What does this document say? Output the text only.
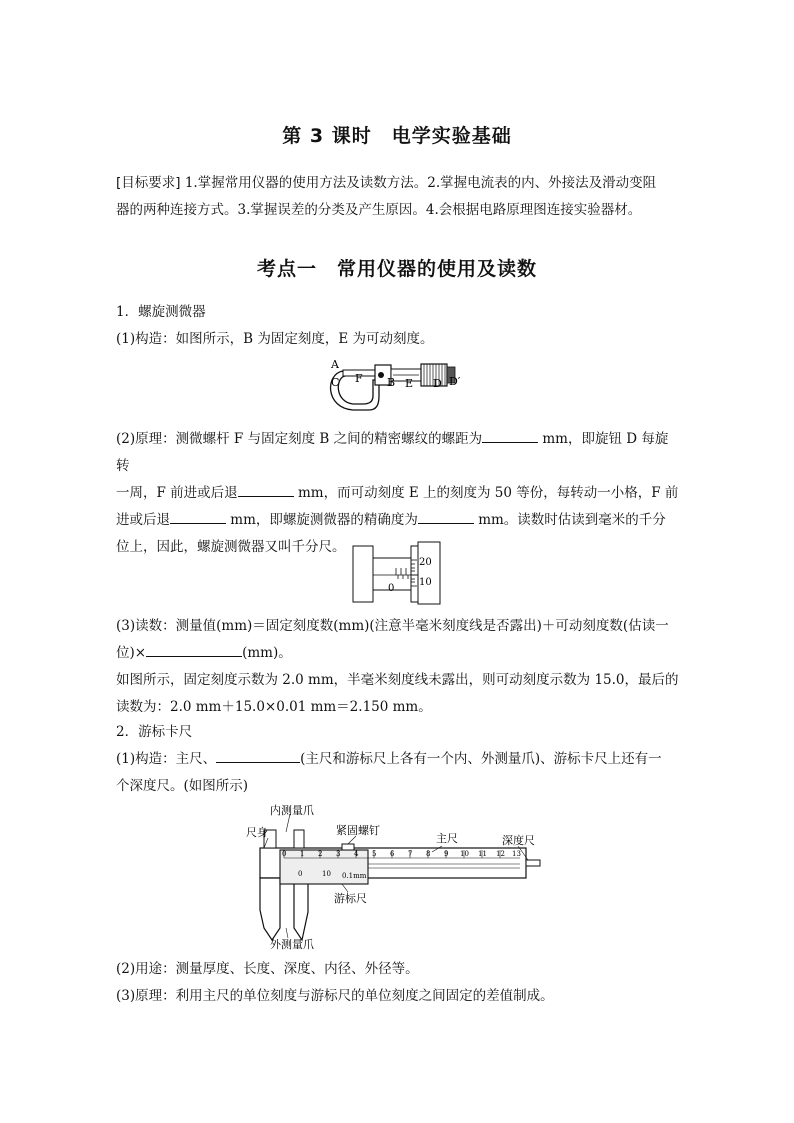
第 3 课时　电学实验基础

[目标要求] 1.掌握常用仪器的使用方法及读数方法。2.掌握电流表的内、外接法及滑动变阻

器的两种连接方式。3.掌握误差的分类及产生原因。4.会根据电路原理图连接实验器材。

考点一　常用仪器的使用及读数

1．螺旋测微器

(1)构造：如图所示，B 为固定刻度，E 为可动刻度。

A
F
C	B E D D′

(2)原理：测微螺杆 F 与固定刻度 B 之间的精密螺纹的螺距为	mm，即旋钮 D 每旋转

一周，F 前进或后退	mm，而可动刻度 E 上的刻度为 50 等份，每转动一小格，F 前

进或后退	mm，即螺旋测微器的精确度为	mm。读数时估读到毫米的千分

位上，因此，螺旋测微器又叫千分尺。

20
10
0

(3)读数：测量值(mm)＝固定刻度数(mm)(注意半毫米刻度线是否露出)＋可动刻度数(估读一

位)×	(mm)。

如图所示，固定刻度示数为 2.0 mm，半毫米刻度线未露出，则可动刻度示数为 15.0，最后的

读数为：2.0 mm＋15.0×0.01 mm＝2.150 mm。

2．游标卡尺

(1)构造：主尺、	(主尺和游标尺上各有一个内、外测量爪)、游标卡尺上还有一

个深度尺。(如图所示)

0 1 2 3 4 5 6 7 8 9 10 11 12 13
0	10 0.1mm
内测量爪
尺身	紧固螺钉
主尺	深度尺
游标尺
外测量爪

(2)用途：测量厚度、长度、深度、内径、外径等。

(3)原理：利用主尺的单位刻度与游标尺的单位刻度之间固定的差值制成。
